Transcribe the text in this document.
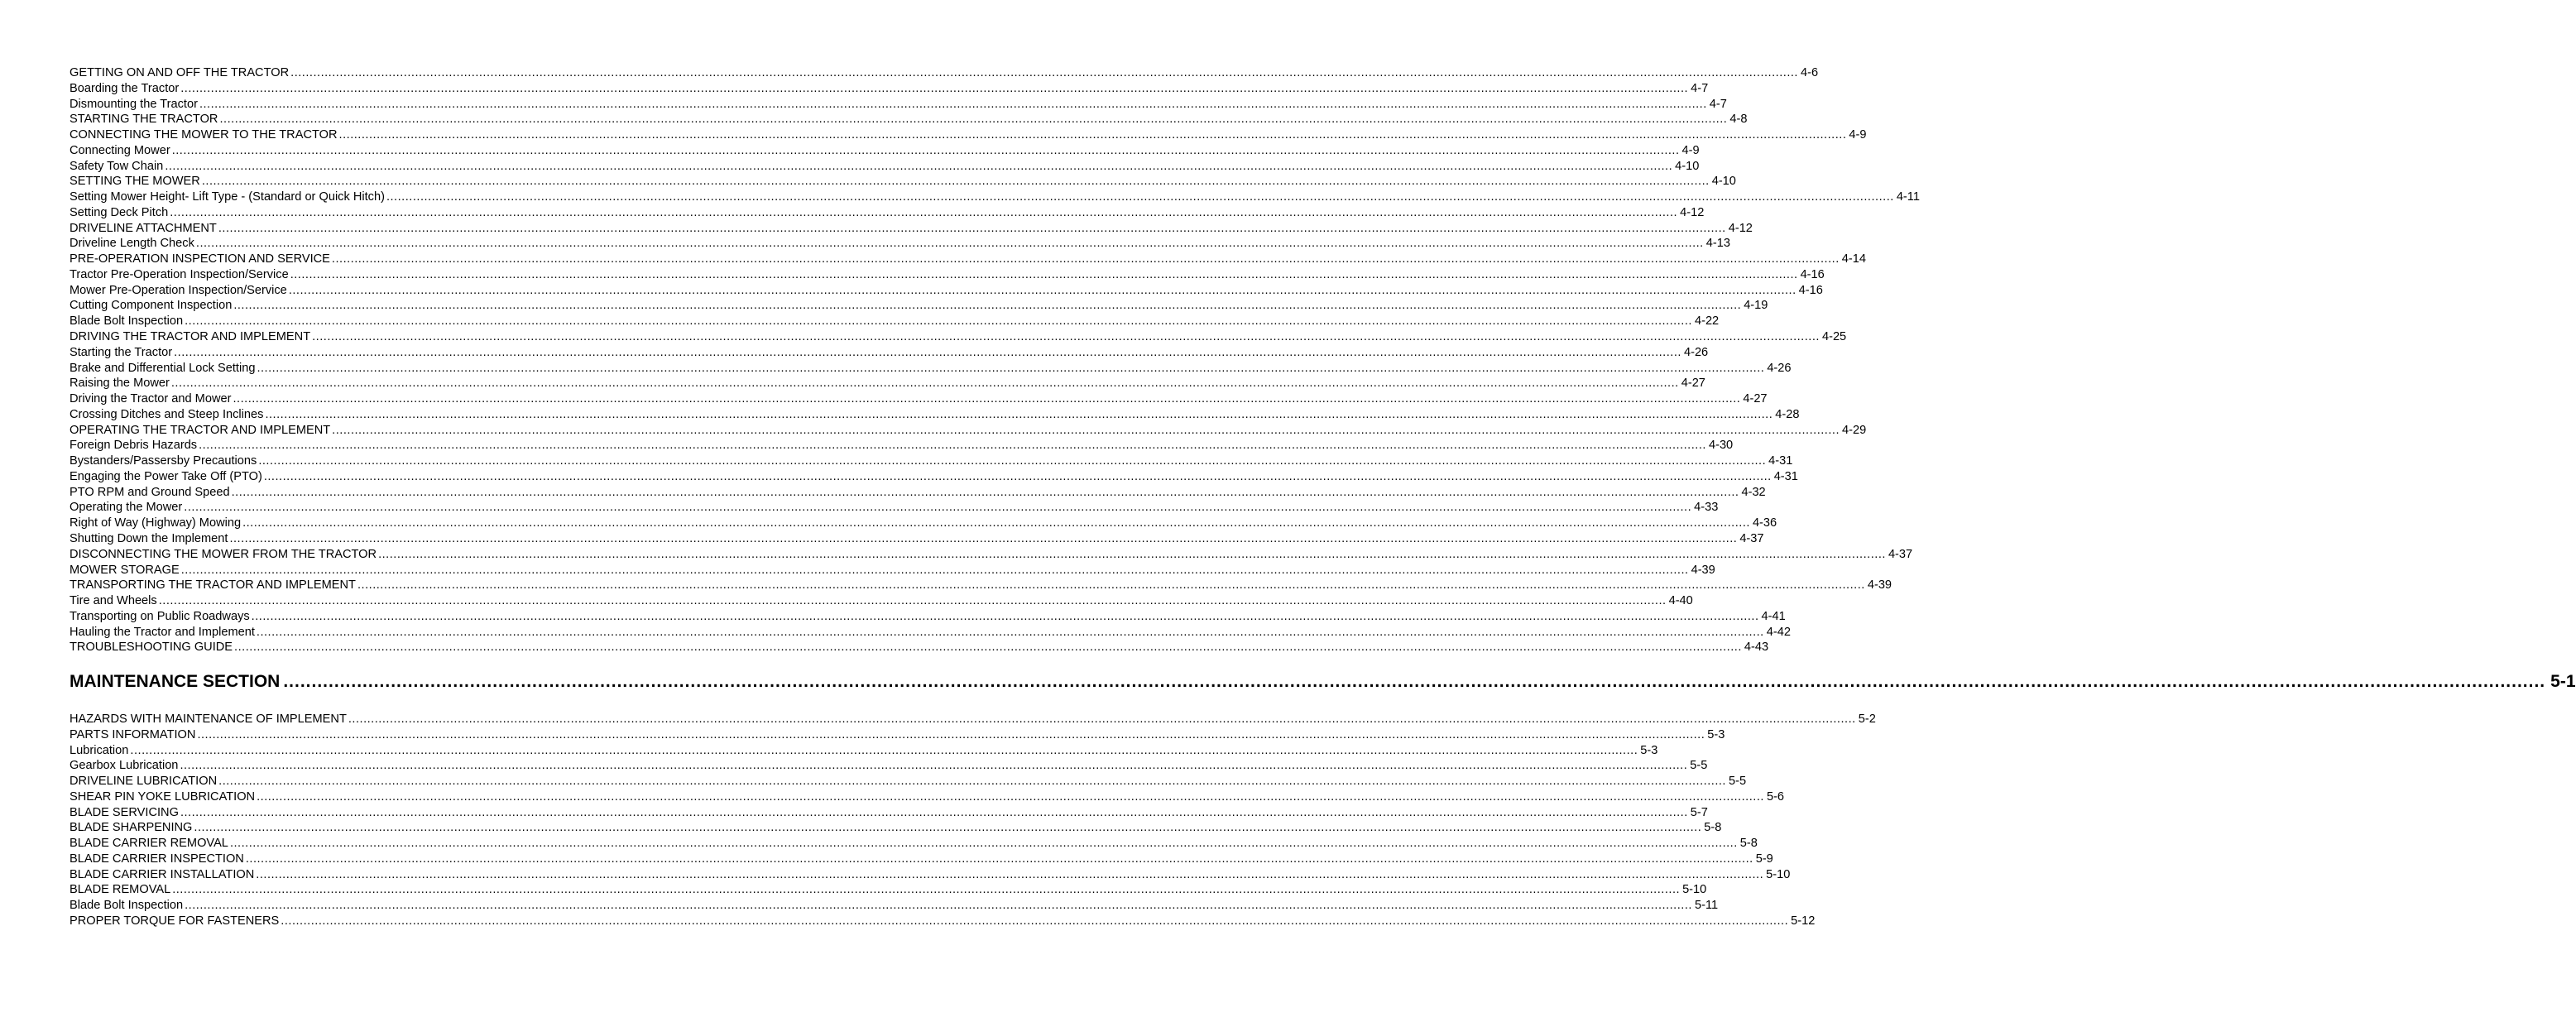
GETTING ON AND OFF THE TRACTOR ................................................................................................................................................................................................................................................................................................................................................................................................................ 4-6
Boarding the Tractor ................................................................................................................................................................................................................................................................................................................................................................................................................ 4-7
Dismounting the Tractor ................................................................................................................................................................................................................................................................................................................................................................................................................ 4-7
STARTING THE TRACTOR ................................................................................................................................................................................................................................................................................................................................................................................................................ 4-8
CONNECTING THE MOWER TO THE TRACTOR ................................................................................................................................................................................................................................................................................................................................................................................................................ 4-9
Connecting Mower ................................................................................................................................................................................................................................................................................................................................................................................................................ 4-9
Safety Tow Chain ................................................................................................................................................................................................................................................................................................................................................................................................................ 4-10
SETTING THE MOWER ................................................................................................................................................................................................................................................................................................................................................................................................................ 4-10
Setting Mower Height- Lift Type - (Standard or Quick Hitch) ................................................................................................................................................................................................................................................................................................................................................................................................................ 4-11
Setting Deck Pitch ................................................................................................................................................................................................................................................................................................................................................................................................................ 4-12
DRIVELINE ATTACHMENT ................................................................................................................................................................................................................................................................................................................................................................................................................ 4-12
Driveline Length Check ................................................................................................................................................................................................................................................................................................................................................................................................................ 4-13
PRE-OPERATION INSPECTION AND SERVICE ................................................................................................................................................................................................................................................................................................................................................................................................................ 4-14
Tractor Pre-Operation Inspection/Service ................................................................................................................................................................................................................................................................................................................................................................................................................ 4-16
Mower Pre-Operation Inspection/Service ................................................................................................................................................................................................................................................................................................................................................................................................................ 4-16
Cutting Component Inspection ................................................................................................................................................................................................................................................................................................................................................................................................................ 4-19
Blade Bolt Inspection ................................................................................................................................................................................................................................................................................................................................................................................................................ 4-22
DRIVING THE TRACTOR AND IMPLEMENT ................................................................................................................................................................................................................................................................................................................................................................................................................ 4-25
Starting the Tractor ................................................................................................................................................................................................................................................................................................................................................................................................................ 4-26
Brake and Differential Lock Setting ................................................................................................................................................................................................................................................................................................................................................................................................................ 4-26
Raising the Mower ................................................................................................................................................................................................................................................................................................................................................................................................................ 4-27
Driving the Tractor and Mower ................................................................................................................................................................................................................................................................................................................................................................................................................ 4-27
Crossing Ditches and Steep Inclines ................................................................................................................................................................................................................................................................................................................................................................................................................ 4-28
OPERATING THE TRACTOR AND IMPLEMENT ................................................................................................................................................................................................................................................................................................................................................................................................................ 4-29
Foreign Debris Hazards ................................................................................................................................................................................................................................................................................................................................................................................................................ 4-30
Bystanders/Passersby Precautions ................................................................................................................................................................................................................................................................................................................................................................................................................ 4-31
Engaging the Power Take Off (PTO) ................................................................................................................................................................................................................................................................................................................................................................................................................ 4-31
PTO RPM and Ground Speed ................................................................................................................................................................................................................................................................................................................................................................................................................ 4-32
Operating the Mower ................................................................................................................................................................................................................................................................................................................................................................................................................ 4-33
Right of Way (Highway) Mowing ................................................................................................................................................................................................................................................................................................................................................................................................................ 4-36
Shutting Down the Implement ................................................................................................................................................................................................................................................................................................................................................................................................................ 4-37
DISCONNECTING THE MOWER FROM THE TRACTOR ................................................................................................................................................................................................................................................................................................................................................................................................................ 4-37
MOWER STORAGE ................................................................................................................................................................................................................................................................................................................................................................................................................ 4-39
TRANSPORTING THE TRACTOR AND IMPLEMENT ................................................................................................................................................................................................................................................................................................................................................................................................................ 4-39
Tire and Wheels ................................................................................................................................................................................................................................................................................................................................................................................................................ 4-40
Transporting on Public Roadways ................................................................................................................................................................................................................................................................................................................................................................................................................ 4-41
Hauling the Tractor and Implement ................................................................................................................................................................................................................................................................................................................................................................................................................ 4-42
TROUBLESHOOTING GUIDE ................................................................................................................................................................................................................................................................................................................................................................................................................ 4-43
MAINTENANCE SECTION ................................................................................................................................................................................................................................................................................................................................................................................................................ 5-1
HAZARDS WITH MAINTENANCE OF IMPLEMENT ................................................................................................................................................................................................................................................................................................................................................................................................................ 5-2
PARTS INFORMATION ................................................................................................................................................................................................................................................................................................................................................................................................................ 5-3
Lubrication ................................................................................................................................................................................................................................................................................................................................................................................................................ 5-3
Gearbox Lubrication ................................................................................................................................................................................................................................................................................................................................................................................................................ 5-5
DRIVELINE LUBRICATION ................................................................................................................................................................................................................................................................................................................................................................................................................ 5-5
SHEAR PIN YOKE LUBRICATION ................................................................................................................................................................................................................................................................................................................................................................................................................ 5-6
BLADE SERVICING ................................................................................................................................................................................................................................................................................................................................................................................................................ 5-7
BLADE SHARPENING ................................................................................................................................................................................................................................................................................................................................................................................................................ 5-8
BLADE CARRIER REMOVAL ................................................................................................................................................................................................................................................................................................................................................................................................................ 5-8
BLADE CARRIER INSPECTION ................................................................................................................................................................................................................................................................................................................................................................................................................ 5-9
BLADE CARRIER INSTALLATION ................................................................................................................................................................................................................................................................................................................................................................................................................ 5-10
BLADE REMOVAL ................................................................................................................................................................................................................................................................................................................................................................................................................ 5-10
Blade Bolt Inspection ................................................................................................................................................................................................................................................................................................................................................................................................................ 5-11
PROPER TORQUE FOR FASTENERS ................................................................................................................................................................................................................................................................................................................................................................................................................ 5-12
